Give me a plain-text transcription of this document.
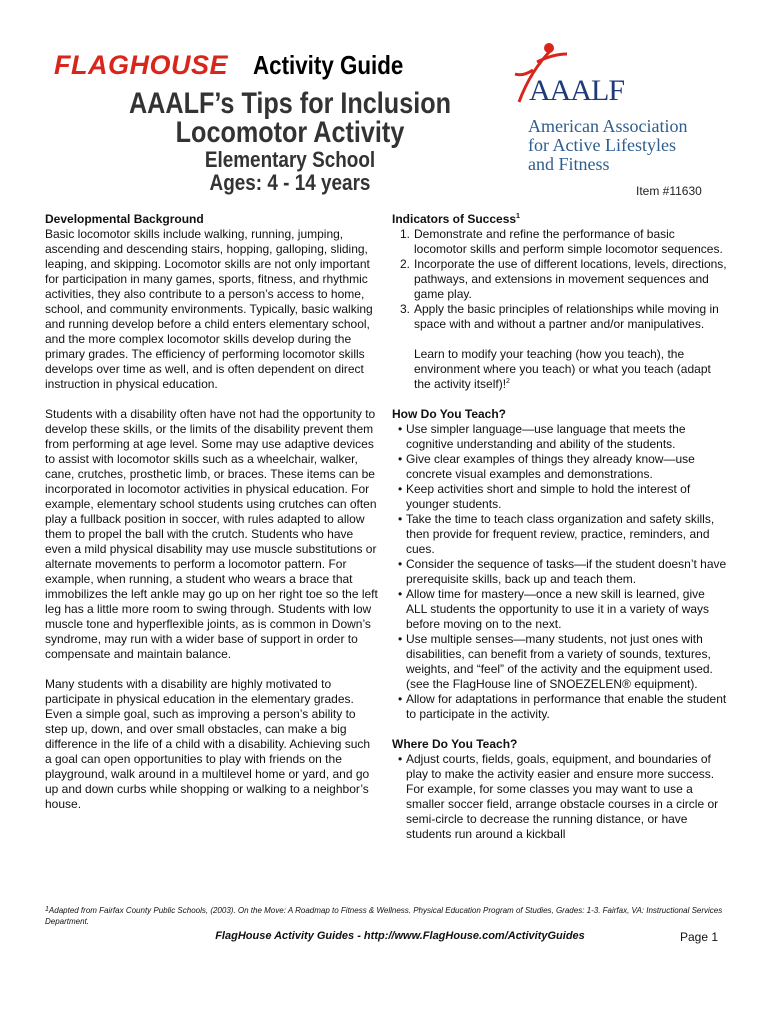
FLAGHOUSE Activity Guide
AAALF’s Tips for Inclusion
Locomotor Activity
Elementary School
Ages: 4 - 14 years
AAALF
American Association
for Active Lifestyles
and Fitness
Item #11630
Developmental Background
Basic locomotor skills include walking, running, jumping, ascending and descending stairs, hopping, galloping, sliding, leaping, and skipping. Locomotor skills are not only important for participation in many games, sports, fitness, and rhythmic activities, they also contribute to a person’s access to home, school, and community environments. Typically, basic walking and running develop before a child enters elementary school, and the more complex locomotor skills develop during the primary grades. The efficiency of performing locomotor skills develops over time as well, and is often dependent on direct instruction in physical education.
Students with a disability often have not had the opportunity to develop these skills, or the limits of the disability prevent them from performing at age level. Some may use adaptive devices to assist with locomotor skills such as a wheelchair, walker, cane, crutches, prosthetic limb, or braces. These items can be incorporated in locomotor activities in physical education. For example, elementary school students using crutches can often play a fullback position in soccer, with rules adapted to allow them to propel the ball with the crutch. Students who have even a mild physical disability may use muscle substitutions or alternate movements to perform a locomotor pattern. For example, when running, a student who wears a brace that immobilizes the left ankle may go up on her right toe so the left leg has a little more room to swing through. Students with low muscle tone and hyperflexible joints, as is common in Down’s syndrome, may run with a wider base of support in order to compensate and maintain balance.
Many students with a disability are highly motivated to participate in physical education in the elementary grades. Even a simple goal, such as improving a person’s ability to step up, down, and over small obstacles, can make a big difference in the life of a child with a disability. Achieving such a goal can open opportunities to play with friends on the playground, walk around in a multilevel home or yard, and go up and down curbs while shopping or walking to a neighbor’s house.
Indicators of Success$^1$
1. Demonstrate and refine the performance of basic locomotor skills and perform simple locomotor sequences.
2. Incorporate the use of different locations, levels, directions, pathways, and extensions in movement sequences and game play.
3. Apply the basic principles of relationships while moving in space with and without a partner and/or manipulatives.
Learn to modify your teaching (how you teach), the environment where you teach) or what you teach (adapt the activity itself)!$^2$
How Do You Teach?
• Use simpler language—use language that meets the cognitive understanding and ability of the students.
• Give clear examples of things they already know—use concrete visual examples and demonstrations.
• Keep activities short and simple to hold the interest of younger students.
• Take the time to teach class organization and safety skills, then provide for frequent review, practice, reminders, and cues.
• Consider the sequence of tasks—if the student doesn’t have prerequisite skills, back up and teach them.
• Allow time for mastery—once a new skill is learned, give ALL students the opportunity to use it in a variety of ways before moving on to the next.
• Use multiple senses—many students, not just ones with disabilities, can benefit from a variety of sounds, textures, weights, and “feel” of the activity and the equipment used. (see the FlagHouse line of SNOEZELEN® equipment).
• Allow for adaptations in performance that enable the student to participate in the activity.
Where Do You Teach?
• Adjust courts, fields, goals, equipment, and boundaries of play to make the activity easier and ensure more success. For example, for some classes you may want to use a smaller soccer field, arrange obstacle courses in a circle or semi-circle to decrease the running distance, or have students run around a kickball
$^1$Adapted from Fairfax County Public Schools, (2003). On the Move: A Roadmap to Fitness & Wellness. Physical Education Program of Studies, Grades: 1-3. Fairfax, VA: Instructional Services Department.
FlagHouse Activity Guides - http://www.FlagHouse.com/ActivityGuides	Page 1
